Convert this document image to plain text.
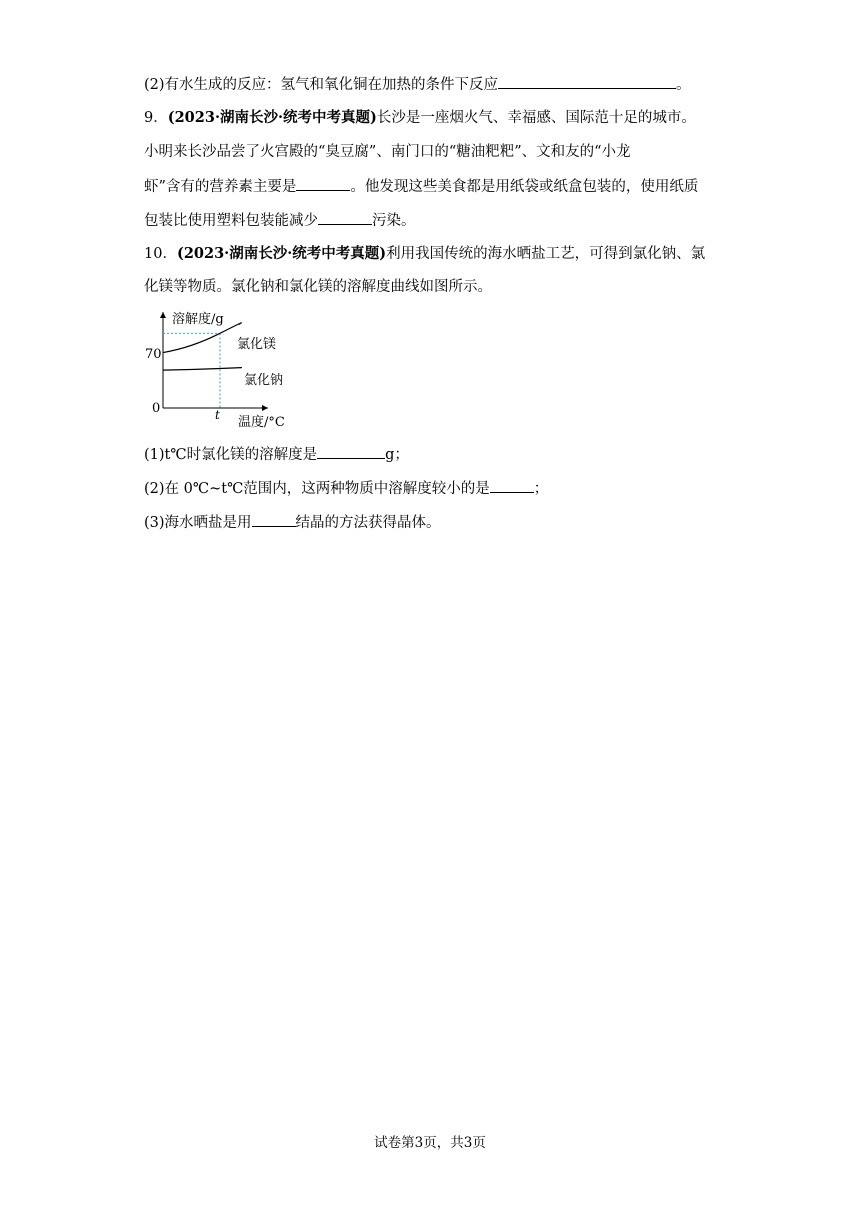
(2)有水生成的反应：氢气和氧化铜在加热的条件下反应	。
9．(2023·湖南长沙·统考中考真题)长沙是一座烟火气、幸福感、国际范十足的城市。
小明来长沙品尝了火宫殿的“臭豆腐”、南门口的“糖油粑粑”、文和友的“小龙
虾”含有的营养素主要是	。他发现这些美食都是用纸袋或纸盒包装的，使用纸质
包装比使用塑料包装能减少	污染。
10．(2023·湖南长沙·统考中考真题)利用我国传统的海水晒盐工艺，可得到氯化钠、氯
化镁等物质。氯化钠和氯化镁的溶解度曲线如图所示。
溶解度/g
温度/°C
70
0	t
氯化镁
氯化钠
(1)t℃时氯化镁的溶解度是	g；
(2)在 0℃~t℃范围内，这两种物质中溶解度较小的是	；
(3)海水晒盐是用	结晶的方法获得晶体。
试卷第3页，共3页
